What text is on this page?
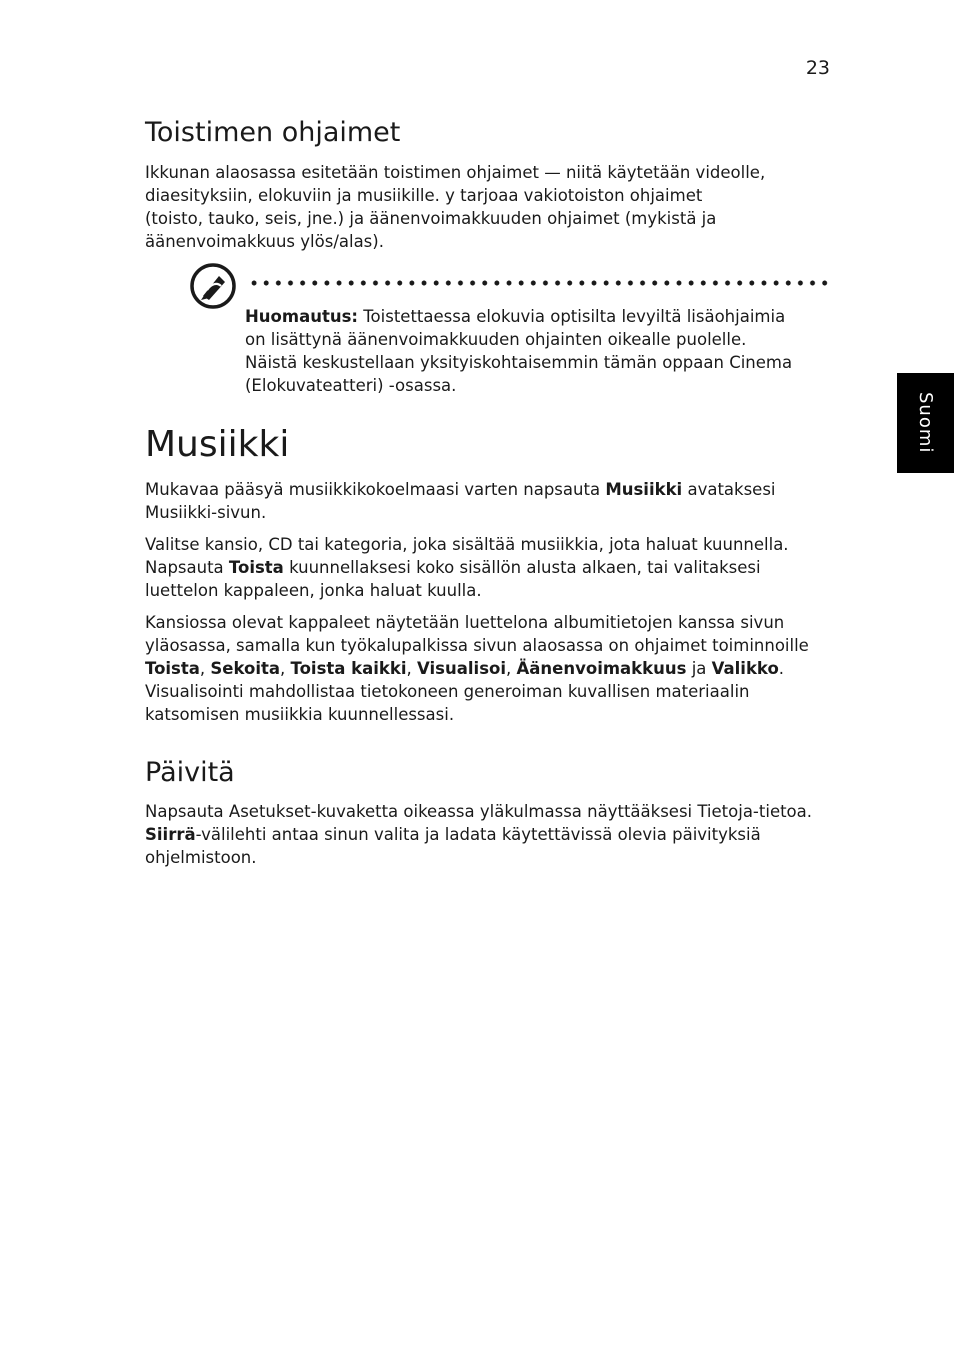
23
Suomi
Toistimen ohjaimet

Ikkunan alaosassa esitetään toistimen ohjaimet — niitä käytetään videolle,

diaesityksiin, elokuviin ja musiikille. y tarjoaa vakiotoiston ohjaimet

(toisto, tauko, seis, jne.) ja äänenvoimakkuuden ohjaimet (mykistä ja

äänenvoimakkuus ylös/alas).

Huomautus: Toistettaessa elokuvia optisilta levyiltä lisäohjaimia

on lisättynä äänenvoimakkuuden ohjainten oikealle puolelle.

Näistä keskustellaan yksityiskohtaisemmin tämän oppaan Cinema

(Elokuvateatteri) -osassa.

Musiikki

Mukavaa pääsyä musiikkikokoelmaasi varten napsauta Musiikki avataksesi

Musiikki-sivun.

Valitse kansio, CD tai kategoria, joka sisältää musiikkia, jota haluat kuunnella.

Napsauta Toista kuunnellaksesi koko sisällön alusta alkaen, tai valitaksesi

luettelon kappaleen, jonka haluat kuulla.

Kansiossa olevat kappaleet näytetään luettelona albumitietojen kanssa sivun

yläosassa, samalla kun työkalupalkissa sivun alaosassa on ohjaimet toiminnoille

Toista, Sekoita, Toista kaikki, Visualisoi, Äänenvoimakkuus ja Valikko.

Visualisointi mahdollistaa tietokoneen generoiman kuvallisen materiaalin

katsomisen musiikkia kuunnellessasi.

Päivitä

Napsauta Asetukset-kuvaketta oikeassa yläkulmassa näyttääksesi Tietoja-tietoa.

Siirrä-välilehti antaa sinun valita ja ladata käytettävissä olevia päivityksiä

ohjelmistoon.
